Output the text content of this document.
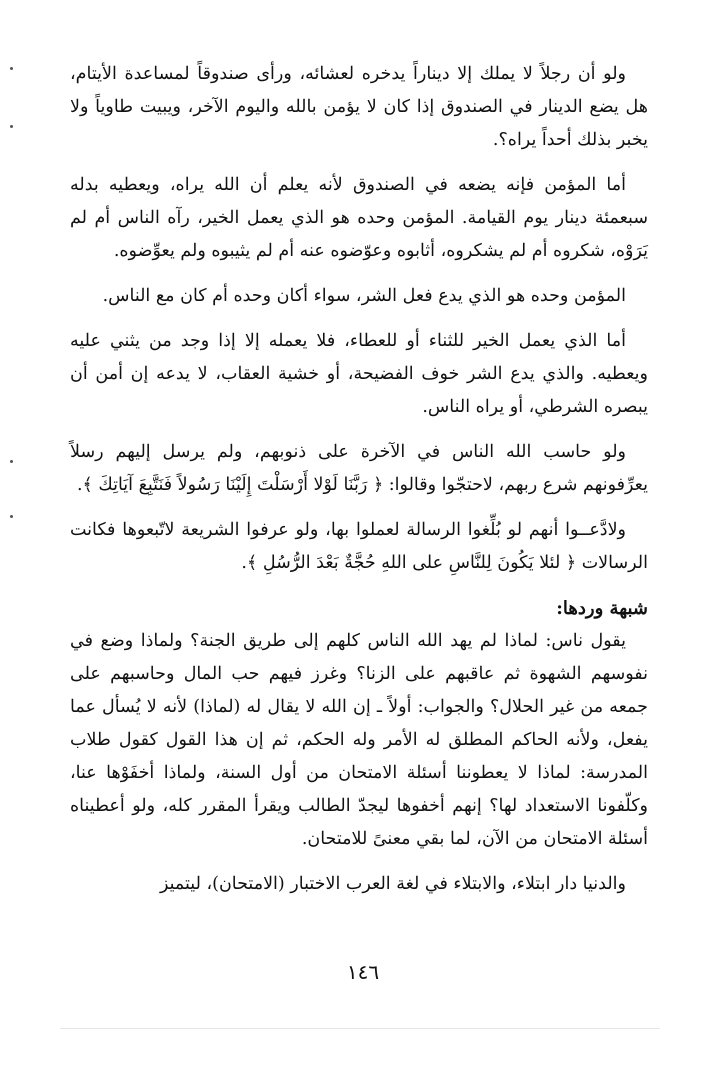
ولو أن رجلاً لا يملك إلا ديناراً يدخره لعشائه، ورأى صندوقاً لمساعدة الأيتام، هل يضع الدينار في الصندوق إذا كان لا يؤمن بالله واليوم الآخر، ويبيت طاوياً ولا يخبر بذلك أحداً يراه؟.

أما المؤمن فإنه يضعه في الصندوق لأنه يعلم أن الله يراه، ويعطيه بدله سبعمئة دينار يوم القيامة. المؤمن وحده هو الذي يعمل الخير، رآه الناس أم لم يَرَوْه، شكروه أم لم يشكروه، أثابوه وعوّضوه عنه أم لم يثيبوه ولم يعوِّضوه.

المؤمن وحده هو الذي يدع فعل الشر، سواء أكان وحده أم كان مع الناس.

أما الذي يعمل الخير للثناء أو للعطاء، فلا يعمله إلا إذا وجد من يثني عليه ويعطيه. والذي يدع الشر خوف الفضيحة، أو خشية العقاب، لا يدعه إن أمن أن يبصره الشرطي، أو يراه الناس.

ولو حاسب الله الناس في الآخرة على ذنوبهم، ولم يرسل إليهم رسلاً يعرِّفونهم شرع ربهم، لاحتجّوا وقالوا: ﴿ رَبَّنَا لَوْلا أَرْسَلْتَ إِلَيْنَا رَسُولاً فَنَتَّبِعَ آيَاتِكَ ﴾.

ولادَّعــوا أنهم لو بُلِّغوا الرسالة لعملوا بها، ولو عرفوا الشريعة لاتّبعوها فكانت الرسالات ﴿ لئلا يَكُونَ لِلنَّاسِ على اللهِ حُجَّةٌ بَعْدَ الرُّسُلِ ﴾.

شبهة وردها:

يقول ناس: لماذا لم يهد الله الناس كلهم إلى طريق الجنة؟ ولماذا وضع في نفوسهم الشهوة ثم عاقبهم على الزنا؟ وغرز فيهم حب المال وحاسبهم على جمعه من غير الحلال؟ والجواب: أولاً ـ إن الله لا يقال له (لماذا) لأنه لا يُسأل عما يفعل، ولأنه الحاكم المطلق له الأمر وله الحكم، ثم إن هذا القول كقول طلاب المدرسة: لماذا لا يعطوننا أسئلة الامتحان من أول السنة، ولماذا أخفَوْها عنا، وكلّفونا الاستعداد لها؟ إنهم أخفوها ليجدّ الطالب ويقرأ المقرر كله، ولو أعطيناه أسئلة الامتحان من الآن، لما بقي معنىً للامتحان.

والدنيا دار ابتلاء، والابتلاء في لغة العرب الاختبار (الامتحان)، ليتميز

١٤٦
